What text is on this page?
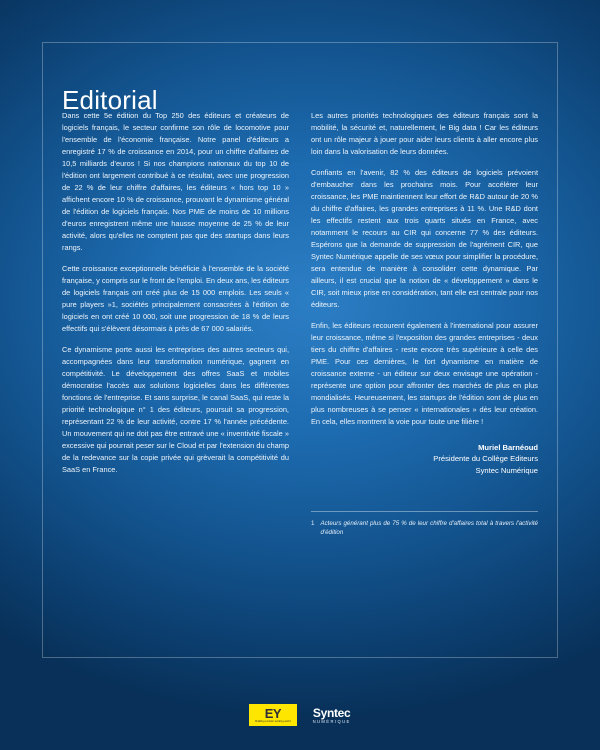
Editorial

Dans cette 5e édition du Top 250 des éditeurs et créateurs de logiciels français, le secteur confirme son rôle de locomotive pour l'ensemble de l'économie française. Notre panel d'éditeurs a enregistré 17 % de croissance en 2014, pour un chiffre d'affaires de 10,5 milliards d'euros ! Si nos champions nationaux du top 10 de l'édition ont largement contribué à ce résultat, avec une progression de 22 % de leur chiffre d'affaires, les éditeurs « hors top 10 » affichent encore 10 % de croissance, prouvant le dynamisme général de l'édition de logiciels français. Nos PME de moins de 10 millions d'euros enregistrent même une hausse moyenne de 25 % de leur activité, alors qu'elles ne comptent pas que des startups dans leurs rangs.

Cette croissance exceptionnelle bénéficie à l'ensemble de la société française, y compris sur le front de l'emploi. En deux ans, les éditeurs de logiciels français ont créé plus de 15 000 emplois. Les seuls « pure players »1, sociétés principalement consacrées à l'édition de logiciels en ont créé 10 000, soit une progression de 18 % de leurs effectifs qui s'élèvent désormais à près de 67 000 salariés.

Ce dynamisme porte aussi les entreprises des autres secteurs qui, accompagnées dans leur transformation numérique, gagnent en compétitivité. Le développement des offres SaaS et mobiles démocratise l'accès aux solutions logicielles dans les différentes fonctions de l'entreprise. Et sans surprise, le canal SaaS, qui reste la priorité technologique n° 1 des éditeurs, poursuit sa progression, représentant 22 % de leur activité, contre 17 % l'année précédente. Un mouvement qui ne doit pas être entravé une « inventivité fiscale » excessive qui pourrait peser sur le Cloud et par l'extension du champ de la redevance sur la copie privée qui grèverait la compétitivité du SaaS en France.

Les autres priorités technologiques des éditeurs français sont la mobilité, la sécurité et, naturellement, le Big data ! Car les éditeurs ont un rôle majeur à jouer pour aider leurs clients à aller encore plus loin dans la valorisation de leurs données.

Confiants en l'avenir, 82 % des éditeurs de logiciels prévoient d'embaucher dans les prochains mois. Pour accélérer leur croissance, les PME maintiennent leur effort de R&D autour de 20 % du chiffre d'affaires, les grandes entreprises à 11 %. Une R&D dont les effectifs restent aux trois quarts situés en France, avec notamment le recours au CIR qui concerne 77 % des éditeurs. Espérons que la demande de suppression de l'agrément CIR, que Syntec Numérique appelle de ses vœux pour simplifier la procédure, sera entendue de manière à consolider cette dynamique. Par ailleurs, il est crucial que la notion de « développement » dans le CIR, soit mieux prise en considération, tant elle est centrale pour nos éditeurs.

Enfin, les éditeurs recourent également à l'international pour assurer leur croissance, même si l'exposition des grandes entreprises - deux tiers du chiffre d'affaires - reste encore très supérieure à celle des PME. Pour ces dernières, le fort dynamisme en matière de croissance externe - un éditeur sur deux envisage une opération - représente une option pour affronter des marchés de plus en plus mondialisés. Heureusement, les startups de l'édition sont de plus en plus nombreuses à se penser « internationales » dès leur création. En cela, elles montrent la voie pour toute une filière !

Muriel Barnéoud
Présidente du Collège Editeurs
Syntec Numérique
1 Acteurs générant plus de 75 % de leur chiffre d'affaires total à travers l'activité d'édition
EY
Building a better working world
Syntec
NUMÉRIQUE
